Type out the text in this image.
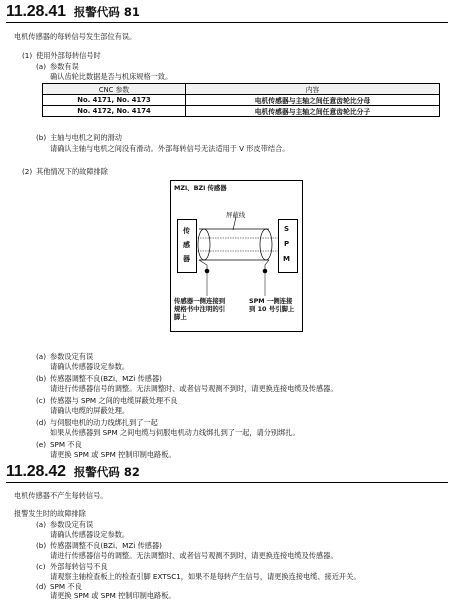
11.28.41 报警代码 81
电机传感器的每转信号发生部位有误。
(1) 使用外部每转信号时
(a) 参数有误
确认齿轮比数据是否与机床规格一致。
CNC 参数	内容
No. 4171, No. 4173	电机传感器与主轴之间任意齿轮比分母
No. 4172, No. 4174	电机传感器与主轴之间任意齿轮比分子
(b) 主轴与电机之间的滑动
请确认主轴与电机之间没有滑动。外部每转信号无法适用于 V 形皮带结合。
(2) 其他情况下的故障排除
MZi、BZi 传感器
屏蔽线
传
感
器
S
P
M
传感器一侧连接到
规格书中注明的引
脚上
SPM 一侧连接
到 10 号引脚上
(a) 参数设定有误
请确认传感器设定参数。
(b) 传感器调整不良(BZi、MZi 传感器)
请进行传感器信号的调整。无法调整时、或者信号观测不到时，请更换连接电缆及传感器。
(c) 传感器与 SPM 之间的电缆屏蔽处理不良
请确认电缆的屏蔽处理。
(d) 与伺服电机的动力线绑扎到了一起
如果从传感器到 SPM 之间电缆与伺服电机动力线绑扎到了一起，请分别绑扎。
(e) SPM 不良
请更换 SPM 或 SPM 控制印制电路板。
11.28.42 报警代码 82
电机传感器不产生每转信号。
报警发生时的故障排除
(a) 参数设定有误
请确认传感器设定参数。
(b) 传感器调整不良(BZi、MZi 传感器)
请进行传感器信号的调整。无法调整时、或者信号观测不到时，请更换连接电缆及传感器。
(c) 外部每转信号不良
请观察主轴检查板上的检查引脚 EXTSC1，如果不是每转产生信号，请更换连接电缆、接近开关。
(d) SPM 不良
请更换 SPM 或 SPM 控制印制电路板。
